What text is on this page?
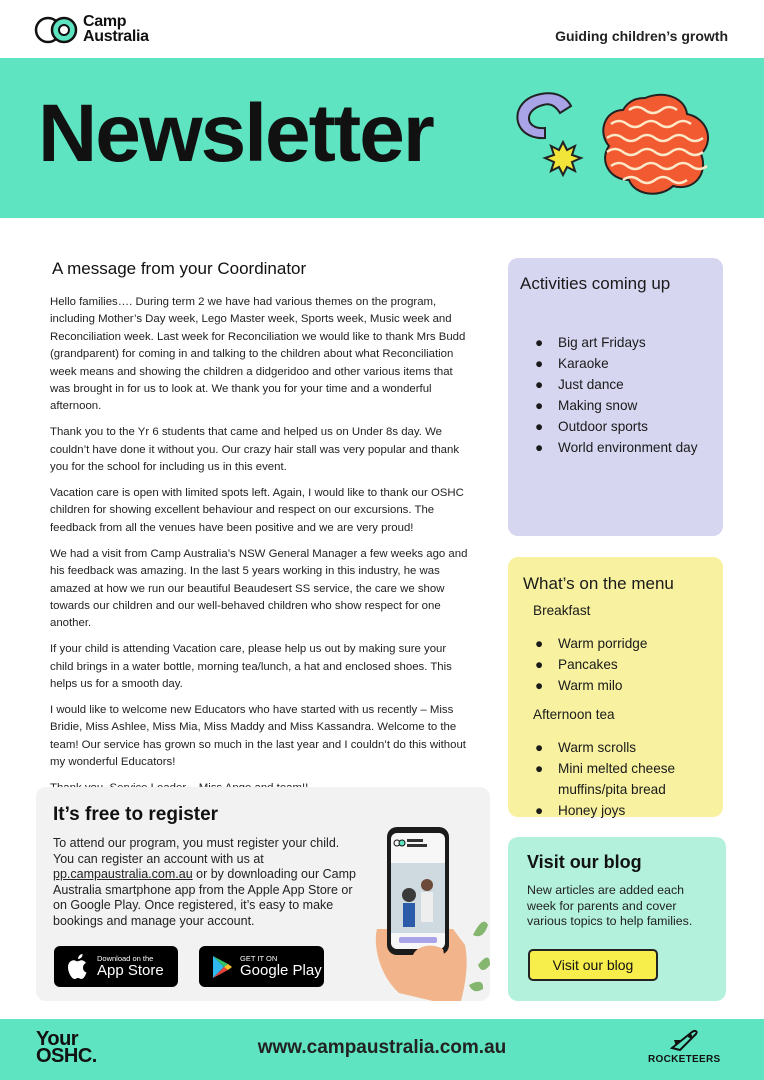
Camp
Australia	Guiding children’s growth
Newsletter
A message from your Coordinator

Hello families…. During term 2 we have had various themes on the program, including Mother’s Day week, Lego Master week, Sports week, Music week and Reconciliation week. Last week for Reconciliation we would like to thank Mrs Budd (grandparent) for coming in and talking to the children about what Reconciliation week means and showing the children a didgeridoo and other various items that was brought in for us to look at. We thank you for your time and a wonderful afternoon.

Thank you to the Yr 6 students that came and helped us on Under 8s day. We couldn’t have done it without you. Our crazy hair stall was very popular and thank you for the school for including us in this event.

Vacation care is open with limited spots left. Again, I would like to thank our OSHC children for showing excellent behaviour and respect on our excursions. The feedback from all the venues have been positive and we are very proud!

We had a visit from Camp Australia’s NSW General Manager a few weeks ago and his feedback was amazing. In the last 5 years working in this industry, he was amazed at how we run our beautiful Beaudesert SS service, the care we show towards our children and our well-behaved children who show respect for one another.

If your child is attending Vacation care, please help us out by making sure your child brings in a water bottle, morning tea/lunch, a hat and enclosed shoes. This helps us for a smooth day.

I would like to welcome new Educators who have started with us recently – Miss Bridie, Miss Ashlee, Miss Mia, Miss Maddy and Miss Kassandra. Welcome to the team! Our service has grown so much in the last year and I couldn’t do this without my wonderful Educators!

Activities coming up
● Big art Fridays
● Karaoke
● Just dance
● Making snow
● Outdoor sports
● World environment day
What’s on the menu
Breakfast
● Warm porridge
● Pancakes
● Warm milo
Afternoon tea
● Warm scrolls
● Mini melted cheese muffins/pita bread
● Honey joys
It’s free to register
To attend our program, you must register your child. You can register an account with us at pp.campaustralia.com.au or by downloading our Camp Australia smartphone app from the Apple App Store or on Google Play. Once registered, it’s easy to make bookings and manage your account.
Download on the
App Store
GET IT ON
Google Play
Visit our blog
New articles are added each week for parents and cover various topics to help families.
Visit our blog
Your
OSHC.	www.campaustralia.com.au
ROCKETEERS
